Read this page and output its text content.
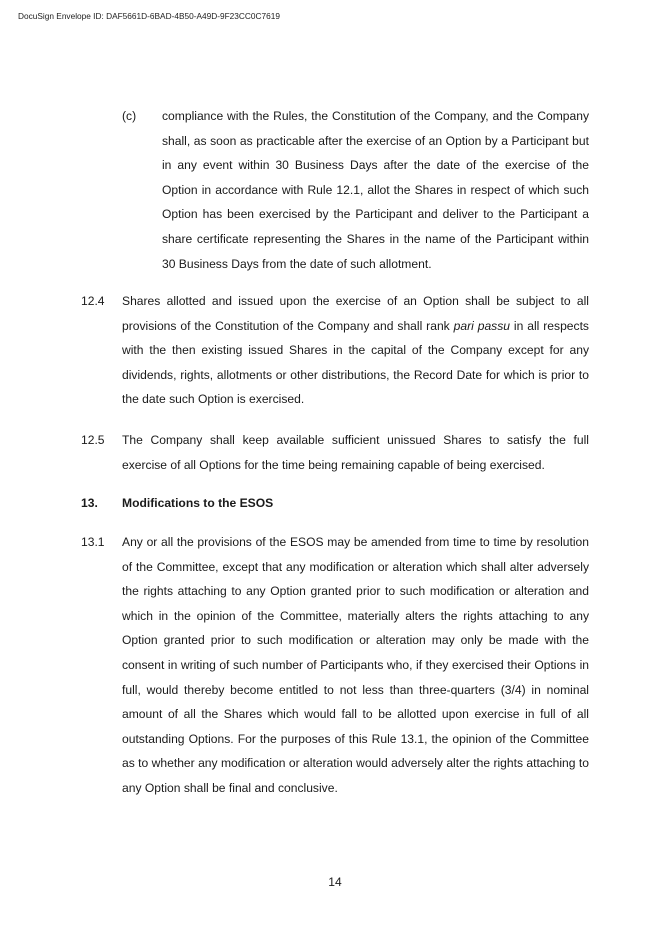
DocuSign Envelope ID: DAF5661D-6BAD-4B50-A49D-9F23CC0C7619
(c) compliance with the Rules, the Constitution of the Company, and the Company shall, as soon as practicable after the exercise of an Option by a Participant but in any event within 30 Business Days after the date of the exercise of the Option in accordance with Rule 12.1, allot the Shares in respect of which such Option has been exercised by the Participant and deliver to the Participant a share certificate representing the Shares in the name of the Participant within 30 Business Days from the date of such allotment.
12.4 Shares allotted and issued upon the exercise of an Option shall be subject to all provisions of the Constitution of the Company and shall rank pari passu in all respects with the then existing issued Shares in the capital of the Company except for any dividends, rights, allotments or other distributions, the Record Date for which is prior to the date such Option is exercised.
12.5 The Company shall keep available sufficient unissued Shares to satisfy the full exercise of all Options for the time being remaining capable of being exercised.
13. Modifications to the ESOS
13.1 Any or all the provisions of the ESOS may be amended from time to time by resolution of the Committee, except that any modification or alteration which shall alter adversely the rights attaching to any Option granted prior to such modification or alteration and which in the opinion of the Committee, materially alters the rights attaching to any Option granted prior to such modification or alteration may only be made with the consent in writing of such number of Participants who, if they exercised their Options in full, would thereby become entitled to not less than three-quarters (3/4) in nominal amount of all the Shares which would fall to be allotted upon exercise in full of all outstanding Options. For the purposes of this Rule 13.1, the opinion of the Committee as to whether any modification or alteration would adversely alter the rights attaching to any Option shall be final and conclusive.
14
